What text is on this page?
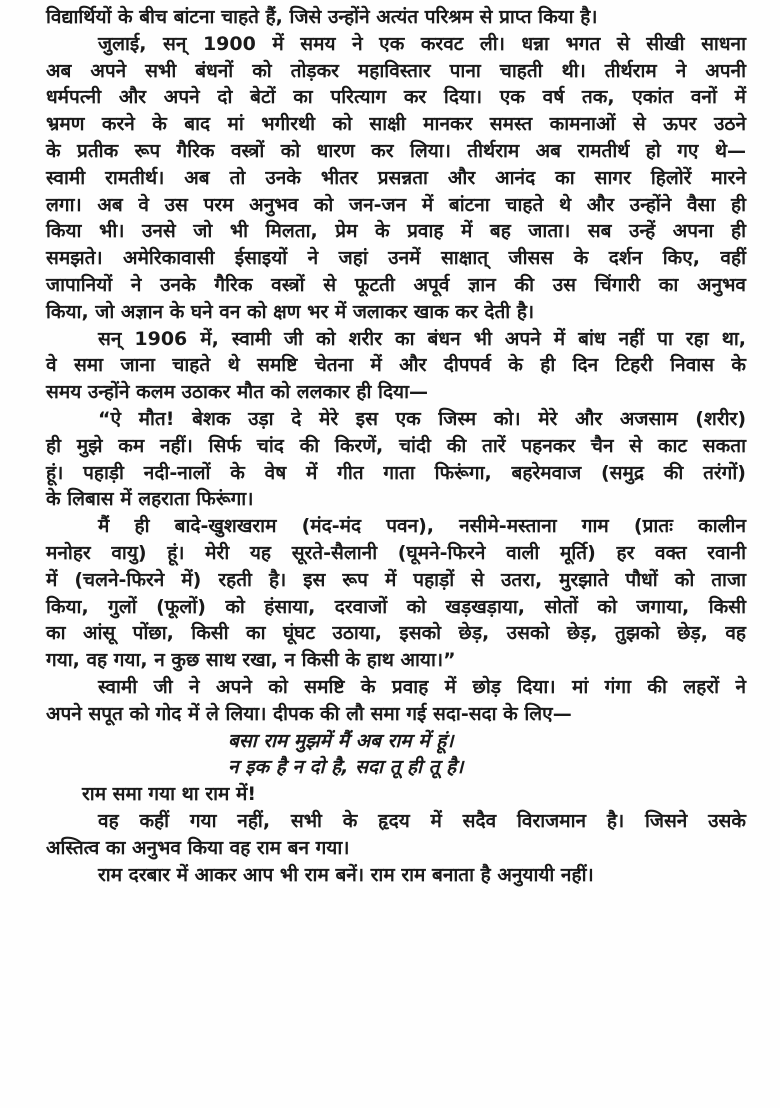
विद्यार्थियों के बीच बांटना चाहते हैं, जिसे उन्होंने अत्यंत परिश्रम से प्राप्त किया है।
जुलाई, सन् 1900 में समय ने एक करवट ली। धन्ना भगत से सीखी साधना
अब अपने सभी बंधनों को तोड़कर महाविस्तार पाना चाहती थी। तीर्थराम ने अपनी
धर्मपत्नी और अपने दो बेटों का परित्याग कर दिया। एक वर्ष तक, एकांत वनों में
भ्रमण करने के बाद मां भगीरथी को साक्षी मानकर समस्त कामनाओं से ऊपर उठने
के प्रतीक रूप गैरिक वस्त्रों को धारण कर लिया। तीर्थराम अब रामतीर्थ हो गए थे—
स्वामी रामतीर्थ। अब तो उनके भीतर प्रसन्नता और आनंद का सागर हिलोरें मारने
लगा। अब वे उस परम अनुभव को जन-जन में बांटना चाहते थे और उन्होंने वैसा ही
किया भी। उनसे जो भी मिलता, प्रेम के प्रवाह में बह जाता। सब उन्हें अपना ही
समझते। अमेरिकावासी ईसाइयों ने जहां उनमें साक्षात् जीसस के दर्शन किए, वहीं
जापानियों ने उनके गैरिक वस्त्रों से फूटती अपूर्व ज्ञान की उस चिंगारी का अनुभव
किया, जो अज्ञान के घने वन को क्षण भर में जलाकर खाक कर देती है।
सन् 1906 में, स्वामी जी को शरीर का बंधन भी अपने में बांध नहीं पा रहा था,
वे समा जाना चाहते थे समष्टि चेतना में और दीपपर्व के ही दिन टिहरी निवास के
समय उन्होंने कलम उठाकर मौत को ललकार ही दिया—
“ऐ मौत! बेशक उड़ा दे मेरे इस एक जिस्म को। मेरे और अजसाम (शरीर)
ही मुझे कम नहीं। सिर्फ चांद की किरणें, चांदी की तारें पहनकर चैन से काट सकता
हूं। पहाड़ी नदी-नालों के वेष में गीत गाता फिरूंगा, बहरेमवाज (समुद्र की तरंगों)
के लिबास में लहराता फिरूंगा।
मैं ही बादे-खुशखराम (मंद-मंद पवन), नसीमे-मस्ताना गाम (प्रातः कालीन
मनोहर वायु) हूं। मेरी यह सूरते-सैलानी (घूमने-फिरने वाली मूर्ति) हर वक्त रवानी
में (चलने-फिरने में) रहती है। इस रूप में पहाड़ों से उतरा, मुरझाते पौधों को ताजा
किया, गुलों (फूलों) को हंसाया, दरवाजों को खड़खड़ाया, सोतों को जगाया, किसी
का आंसू पोंछा, किसी का घूंघट उठाया, इसको छेड़, उसको छेड़, तुझको छेड़, वह
गया, वह गया, न कुछ साथ रखा, न किसी के हाथ आया।”
स्वामी जी ने अपने को समष्टि के प्रवाह में छोड़ दिया। मां गंगा की लहरों ने
अपने सपूत को गोद में ले लिया। दीपक की लौ समा गई सदा-सदा के लिए—
बसा राम मुझमें मैं अब राम में हूं।
न इक है न दो है, सदा तू ही तू है।
राम समा गया था राम में!
वह कहीं गया नहीं, सभी के हृदय में सदैव विराजमान है। जिसने उसके
अस्तित्व का अनुभव किया वह राम बन गया।
राम दरबार में आकर आप भी राम बनें। राम राम बनाता है अनुयायी नहीं।
